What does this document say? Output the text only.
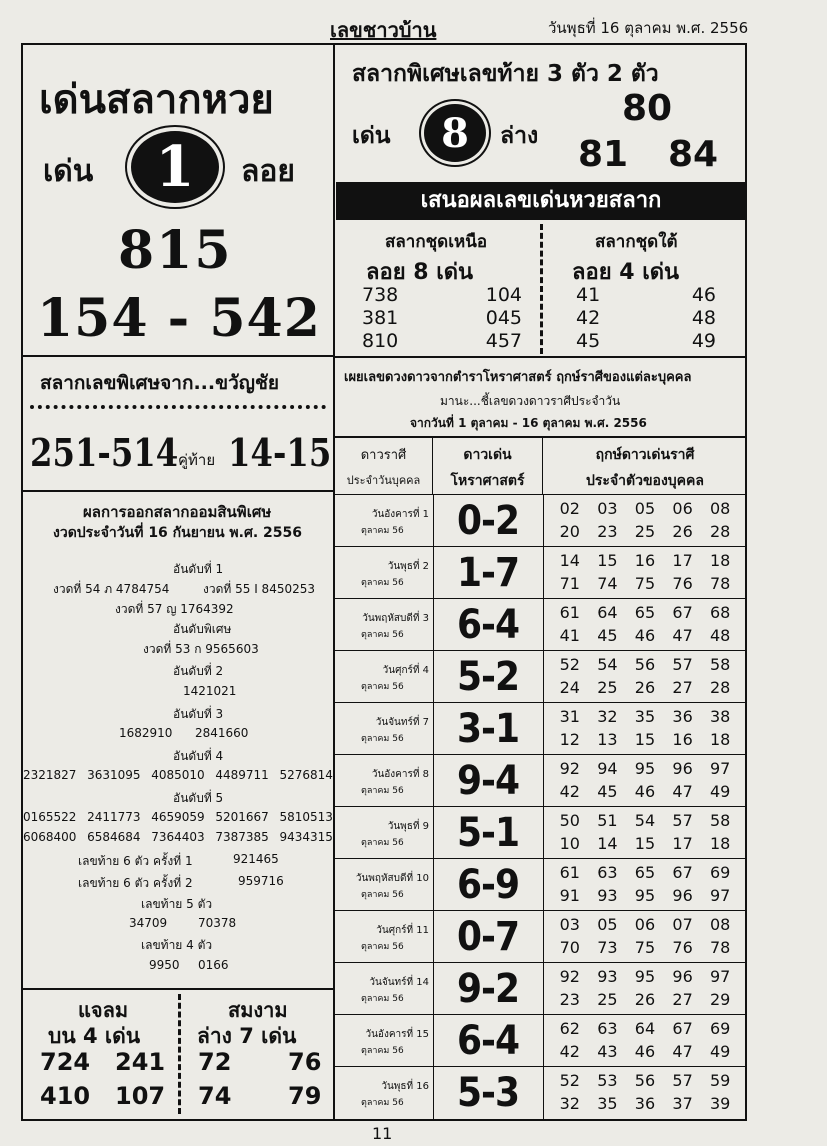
เลขชาวบ้าน	วันพุธที่ 16 ตุลาคม พ.ศ. 2556
เด่นสลากหวย
เด่น 1 ลอย
815
154 - 542
สลากเลขพิเศษจาก...ขวัญชัย
251-514 คู่ท้าย 14-15
ผลการออกสลากออมสินพิเศษ
งวดประจำวันที่ 16 กันยายน พ.ศ. 2556
อันดับที่ 1
งวดที่ 54 ภ 4784754	งวดที่ 55 I 8450253
งวดที่ 57 ญ 1764392
อันดับพิเศษ
งวดที่ 53 ก 9565603
อันดับที่ 2
1421021
อันดับที่ 3
1682910 2841660
อันดับที่ 4
2321827 3631095 4085010 4489711 5276814
อันดับที่ 5
0165522 2411773 4659059 5201667 5810513
6068400 6584684 7364403 7387385 9434315
เลขท้าย 6 ตัว ครั้งที่ 1	921465
เลขท้าย 6 ตัว ครั้งที่ 2	959716
เลขท้าย 5 ตัว
34709	70378
เลขท้าย 4 ตัว
9950 0166
แจลม
บน 4 เด่น
724 241
410 107
สมงาม
ล่าง 7 เด่น
72 76
74 79
สลากพิเศษเลขท้าย 3 ตัว 2 ตัว
เด่น 8 ล่าง
80
81 84
เสนอผลเลขเด่นหวยสลาก
สลากชุดเหนือ
ลอย 8 เด่น
738	104
381	045
810	457
สลากชุดใต้
ลอย 4 เด่น
41	46
42	48
45	49
เผยเลขดวงดาวจากตำราโหราศาสตร์ ฤกษ์ราศีของแต่ละบุคคล
มานะ...ชี้เลขดวงดาวราศีประจำวัน
จากวันที่ 1 ตุลาคม - 16 ตุลาคม พ.ศ. 2556
ดาวราศี
ประจำวันบุคคล
ดาวเด่น
โหราศาสตร์
ฤกษ์ดาวเด่นราศี
ประจำตัวของบุคคล
วันอังคารที่ 1
ตุลาคม 56	0-2	02 03 05 06 08
20 23 25 26 28
วันพุธที่ 2
ตุลาคม 56	1-7	14 15 16 17 18
71 74 75 76 78
วันพฤหัสบดีที่ 3
ตุลาคม 56	6-4	61 64 65 67 68
41 45 46 47 48
วันศุกร์ที่ 4
ตุลาคม 56	5-2	52 54 56 57 58
24 25 26 27 28
วันจันทร์ที่ 7
ตุลาคม 56	3-1	31 32 35 36 38
12 13 15 16 18
วันอังคารที่ 8
ตุลาคม 56	9-4	92 94 95 96 97
42 45 46 47 49
วันพุธที่ 9
ตุลาคม 56	5-1	50 51 54 57 58
10 14 15 17 18
วันพฤหัสบดีที่ 10
ตุลาคม 56	6-9	61 63 65 67 69
91 93 95 96 97
วันศุกร์ที่ 11
ตุลาคม 56	0-7	03 05 06 07 08
70 73 75 76 78
วันจันทร์ที่ 14
ตุลาคม 56	9-2	92 93 95 96 97
23 25 26 27 29
วันอังคารที่ 15
ตุลาคม 56	6-4	62 63 64 67 69
42 43 46 47 49
วันพุธที่ 16
ตุลาคม 56	5-3	52 53 56 57 59
32 35 36 37 39
11
